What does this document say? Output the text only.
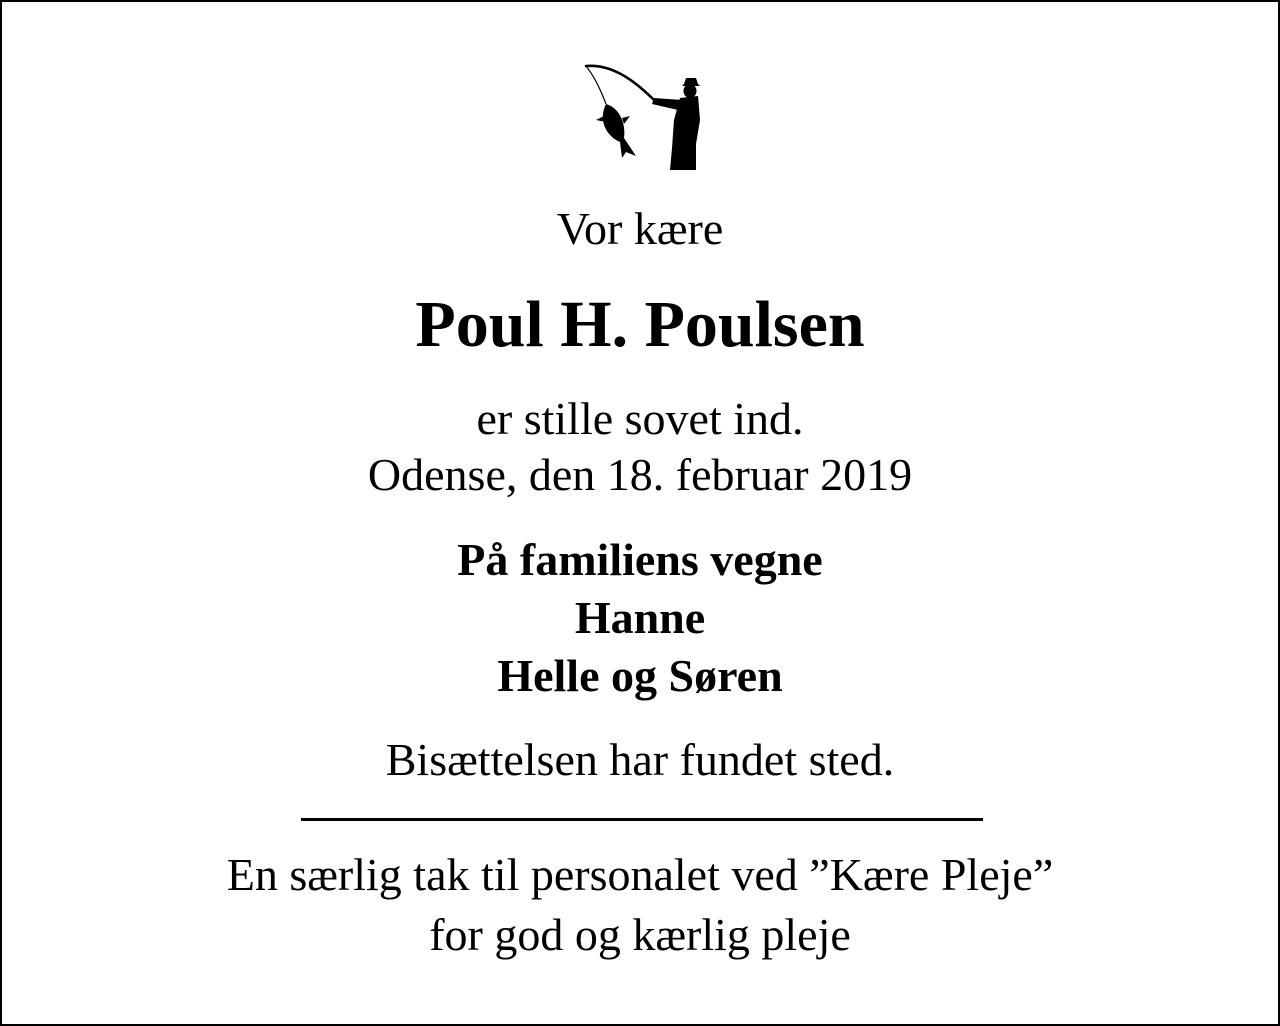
Vor kære
Poul H. Poulsen
er stille sovet ind.
Odense, den 18. februar 2019
På familiens vegne
Hanne
Helle og Søren
Bisættelsen har fundet sted.
En særlig tak til personalet ved ”Kære Pleje”
for god og kærlig pleje
